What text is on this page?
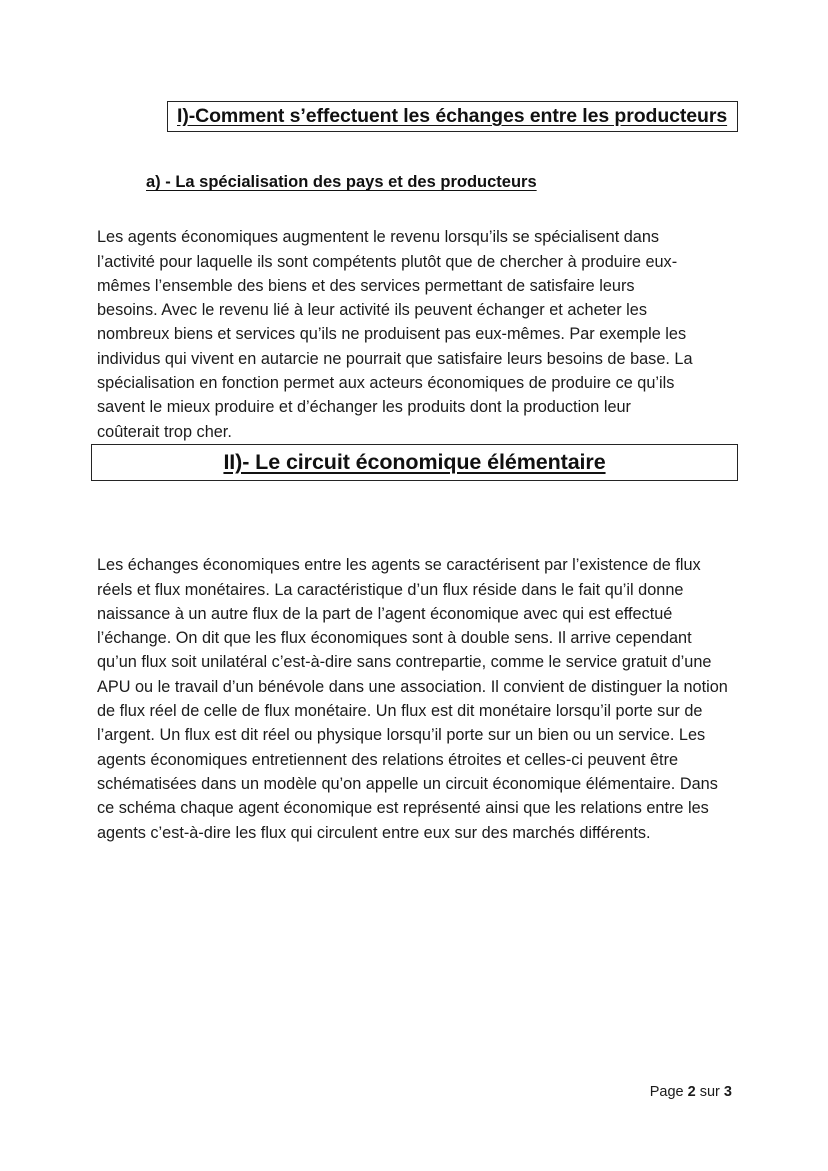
I)-Comment s’effectuent les échanges entre les producteurs
a) - La spécialisation des pays et des producteurs

Les agents économiques augmentent le revenu lorsqu’ils se spécialisent dans l’activité pour laquelle ils sont compétents plutôt que de chercher à produire eux-mêmes l’ensemble des biens et des services permettant de satisfaire leurs besoins. Avec le revenu lié à leur activité ils peuvent échanger et acheter les nombreux biens et services qu’ils ne produisent pas eux-mêmes. Par exemple les individus qui vivent en autarcie ne pourrait que satisfaire leurs besoins de base. La spécialisation en fonction permet aux acteurs économiques de produire ce qu’ils savent le mieux produire et d’échanger les produits dont la production leur coûterait trop cher.

II)- Le circuit économique élémentaire

Les échanges économiques entre les agents se caractérisent par l’existence de flux réels et flux monétaires. La caractéristique d’un flux réside dans le fait qu’il donne naissance à un autre flux de la part de l’agent économique avec qui est effectué l’échange. On dit que les flux économiques sont à double sens. Il arrive cependant qu’un flux soit unilatéral c’est-à-dire sans contrepartie, comme le service gratuit d’une APU ou le travail d’un bénévole dans une association. Il convient de distinguer la notion de flux réel de celle de flux monétaire. Un flux est dit monétaire lorsqu’il porte sur de l’argent. Un flux est dit réel ou physique lorsqu’il porte sur un bien ou un service. Les agents économiques entretiennent des relations étroites et celles-ci peuvent être schématisées dans un modèle qu’on appelle un circuit économique élémentaire. Dans ce schéma chaque agent économique est représenté ainsi que les relations entre les agents c’est-à-dire les flux qui circulent entre eux sur des marchés différents.

Page 2 sur 3
